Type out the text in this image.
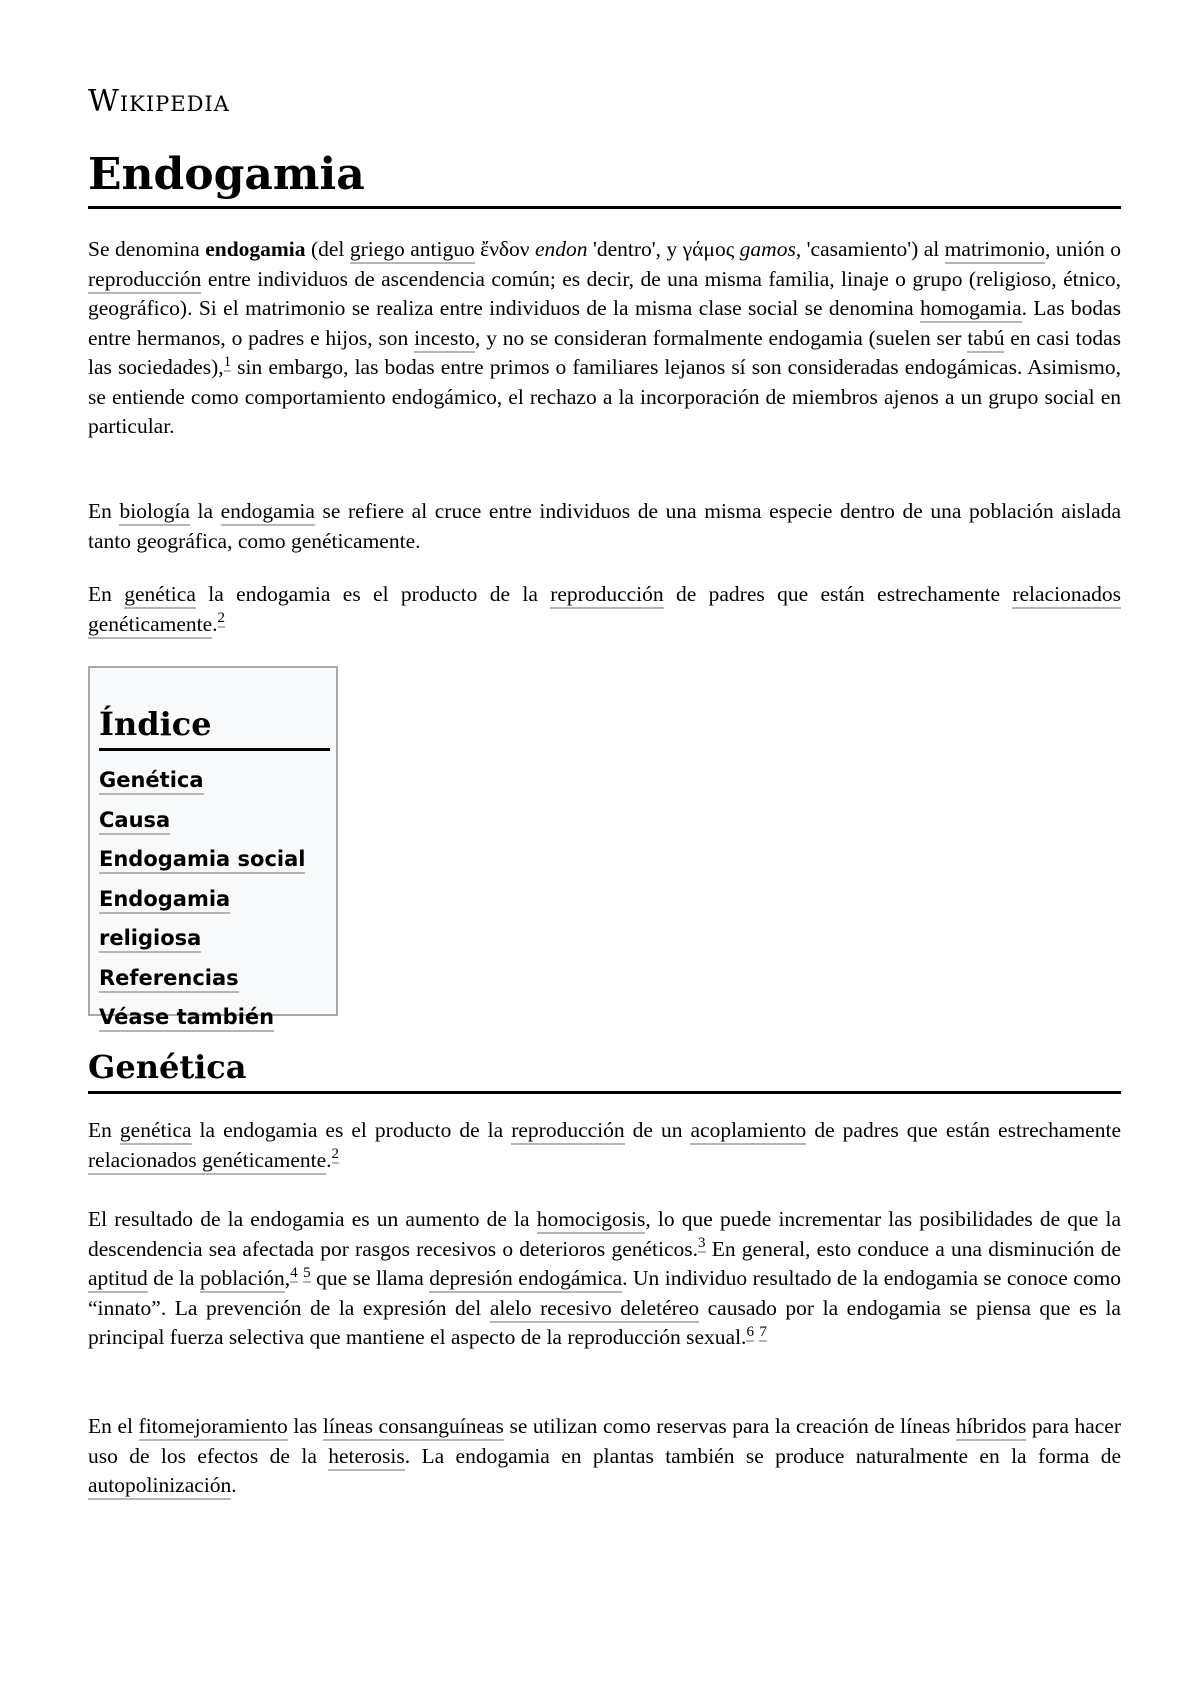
Wikipedia
Endogamia

Se denomina endogamia (del griego antiguo ἔνδον endon 'dentro', y γάμος gamos, 'casamiento') al matrimonio, unión o reproducción entre individuos de ascendencia común; es decir, de una misma familia, linaje o grupo (religioso, étnico, geográfico). Si el matrimonio se realiza entre individuos de la misma clase social se denomina homogamia. Las bodas entre hermanos, o padres e hijos, son incesto, y no se consideran formalmente endogamia (suelen ser tabú en casi todas las sociedades),$^1$ sin embargo, las bodas entre primos o familiares lejanos sí son consideradas endogámicas. Asimismo, se entiende como comportamiento endogámico, el rechazo a la incorporación de miembros ajenos a un grupo social en particular.

En biología la endogamia se refiere al cruce entre individuos de una misma especie dentro de una población aislada tanto geográfica, como genéticamente.

En genética la endogamia es el producto de la reproducción de padres que están estrechamente relacionados genéticamente.$^2$

Índice
Genética
Causa
Endogamia social
Endogamia religiosa
Referencias
Véase también
Genética

En genética la endogamia es el producto de la reproducción de un acoplamiento de padres que están estrechamente relacionados genéticamente.$^2$

El resultado de la endogamia es un aumento de la homocigosis, lo que puede incrementar las posibilidades de que la descendencia sea afectada por rasgos recesivos o deterioros genéticos.$^3$ En general, esto conduce a una disminución de aptitud de la población,$^4$ $^5$ que se llama depresión endogámica. Un individuo resultado de la endogamia se conoce como “innato”. La prevención de la expresión del alelo recesivo deletéreo causado por la endogamia se piensa que es la principal fuerza selectiva que mantiene el aspecto de la reproducción sexual.$^6$ $^7$

En el fitomejoramiento las líneas consanguíneas se utilizan como reservas para la creación de líneas híbridos para hacer uso de los efectos de la heterosis. La endogamia en plantas también se produce naturalmente en la forma de autopolinización.
